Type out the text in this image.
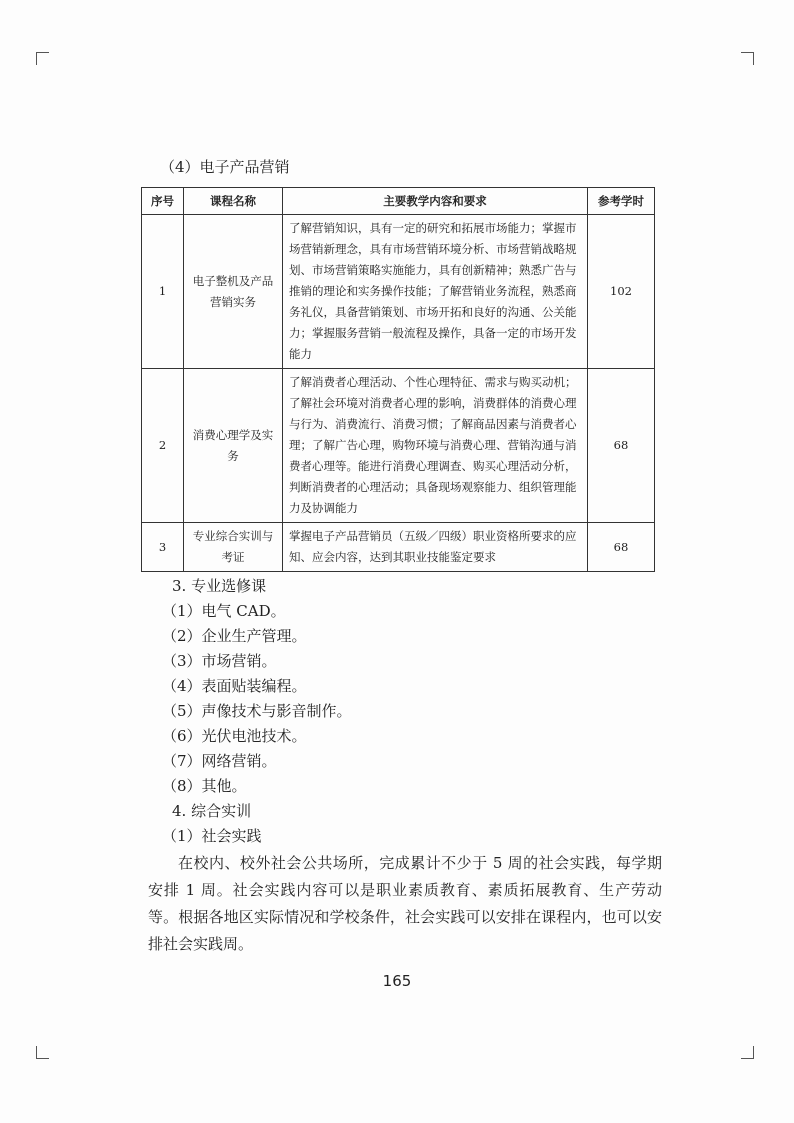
（4）电子产品营销
序号	课程名称	主要教学内容和要求	参考学时
1	电子整机及产品营销实务	了解营销知识，具有一定的研究和拓展市场能力；掌握市场营销新理念，具有市场营销环境分析、市场营销战略规划、市场营销策略实施能力，具有创新精神；熟悉广告与推销的理论和实务操作技能；了解营销业务流程，熟悉商务礼仪，具备营销策划、市场开拓和良好的沟通、公关能力；掌握服务营销一般流程及操作，具备一定的市场开发能力	102
2	消费心理学及实务	了解消费者心理活动、个性心理特征、需求与购买动机；了解社会环境对消费者心理的影响，消费群体的消费心理与行为、消费流行、消费习惯；了解商品因素与消费者心理；了解广告心理，购物环境与消费心理、营销沟通与消费者心理等。能进行消费心理调查、购买心理活动分析，判断消费者的心理活动；具备现场观察能力、组织管理能力及协调能力	68
3	专业综合实训与考证	掌握电子产品营销员（五级／四级）职业资格所要求的应知、应会内容，达到其职业技能鉴定要求	68
3. 专业选修课
（1）电气 CAD。
（2）企业生产管理。
（3）市场营销。
（4）表面贴装编程。
（5）声像技术与影音制作。
（6）光伏电池技术。
（7）网络营销。
（8）其他。
4. 综合实训
（1）社会实践
在校内、校外社会公共场所，完成累计不少于 5 周的社会实践，每学期安排 1 周。社会实践内容可以是职业素质教育、素质拓展教育、生产劳动等。根据各地区实际情况和学校条件，社会实践可以安排在课程内，也可以安排社会实践周。
165
